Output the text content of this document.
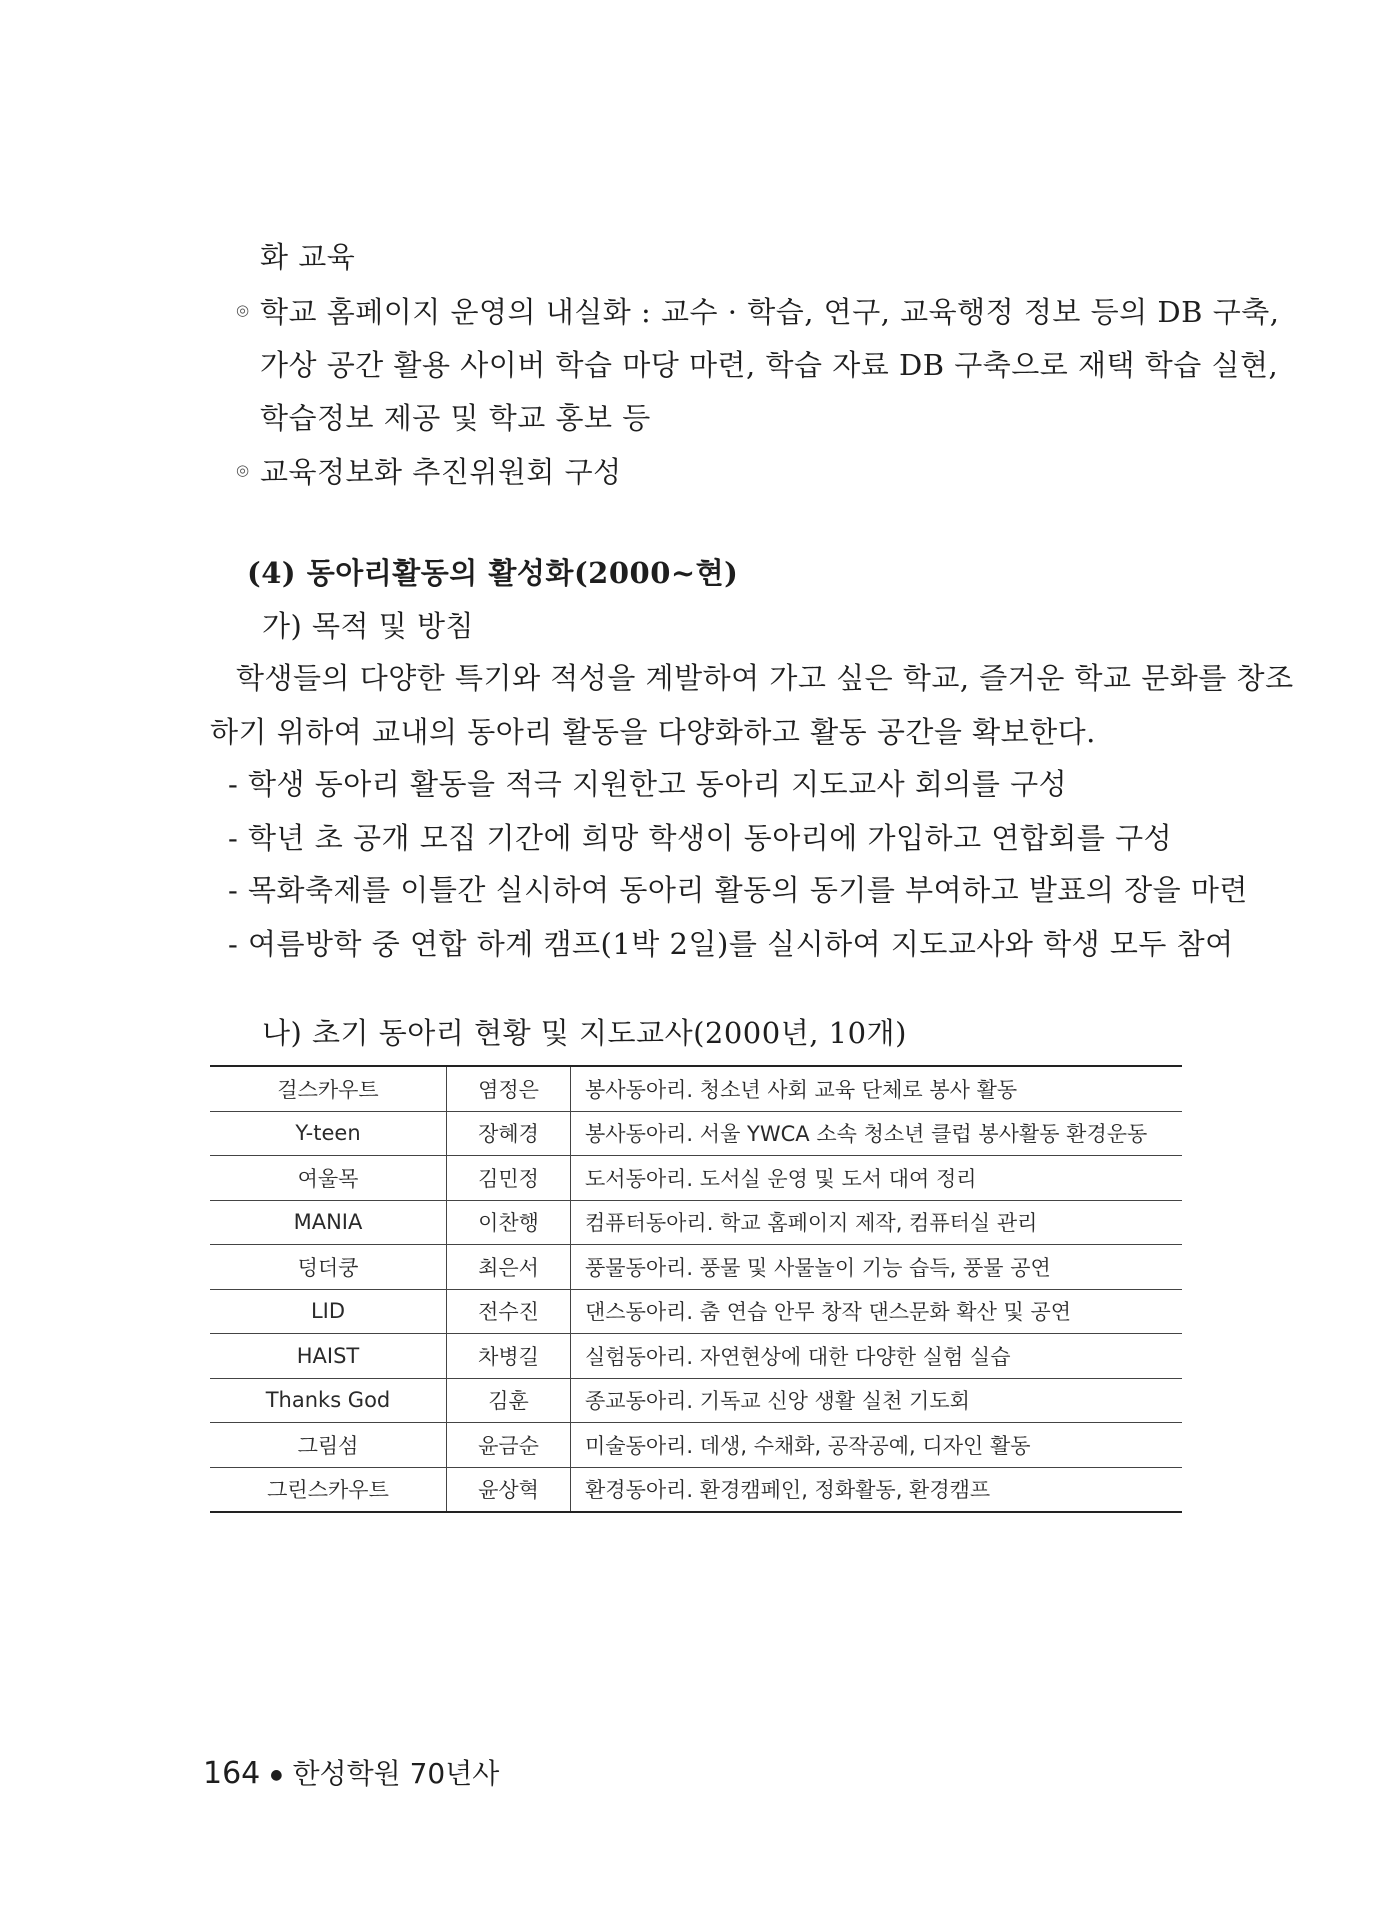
화 교육
◎ 학교 홈페이지 운영의 내실화 : 교수 · 학습, 연구, 교육행정 정보 등의 DB 구축,
가상 공간 활용 사이버 학습 마당 마련, 학습 자료 DB 구축으로 재택 학습 실현,
학습정보 제공 및 학교 홍보 등
◎ 교육정보화 추진위원회 구성
(4) 동아리활동의 활성화(2000~현)
가) 목적 및 방침
학생들의 다양한 특기와 적성을 계발하여 가고 싶은 학교, 즐거운 학교 문화를 창조
하기 위하여 교내의 동아리 활동을 다양화하고 활동 공간을 확보한다.
- 학생 동아리 활동을 적극 지원한고 동아리 지도교사 회의를 구성
- 학년 초 공개 모집 기간에 희망 학생이 동아리에 가입하고 연합회를 구성
- 목화축제를 이틀간 실시하여 동아리 활동의 동기를 부여하고 발표의 장을 마련
- 여름방학 중 연합 하계 캠프(1박 2일)를 실시하여 지도교사와 학생 모두 참여
나) 초기 동아리 현황 및 지도교사(2000년, 10개)
걸스카우트	염정은	봉사동아리. 청소년 사회 교육 단체로 봉사 활동
Y-teen	장혜경	봉사동아리. 서울 YWCA 소속 청소년 클럽 봉사활동 환경운동
여울목	김민정	도서동아리. 도서실 운영 및 도서 대여 정리
MANIA	이찬행	컴퓨터동아리. 학교 홈페이지 제작, 컴퓨터실 관리
덩더쿵	최은서	풍물동아리. 풍물 및 사물놀이 기능 습득, 풍물 공연
LID	전수진	댄스동아리. 춤 연습 안무 창작 댄스문화 확산 및 공연
HAIST	차병길	실험동아리. 자연현상에 대한 다양한 실험 실습
Thanks God	김훈	종교동아리. 기독교 신앙 생활 실천 기도회
그림섬	윤금순	미술동아리. 데생, 수채화, 공작공예, 디자인 활동
그린스카우트	윤상혁	환경동아리. 환경캠페인, 정화활동, 환경캠프
164 ● 한성학원 70년사
